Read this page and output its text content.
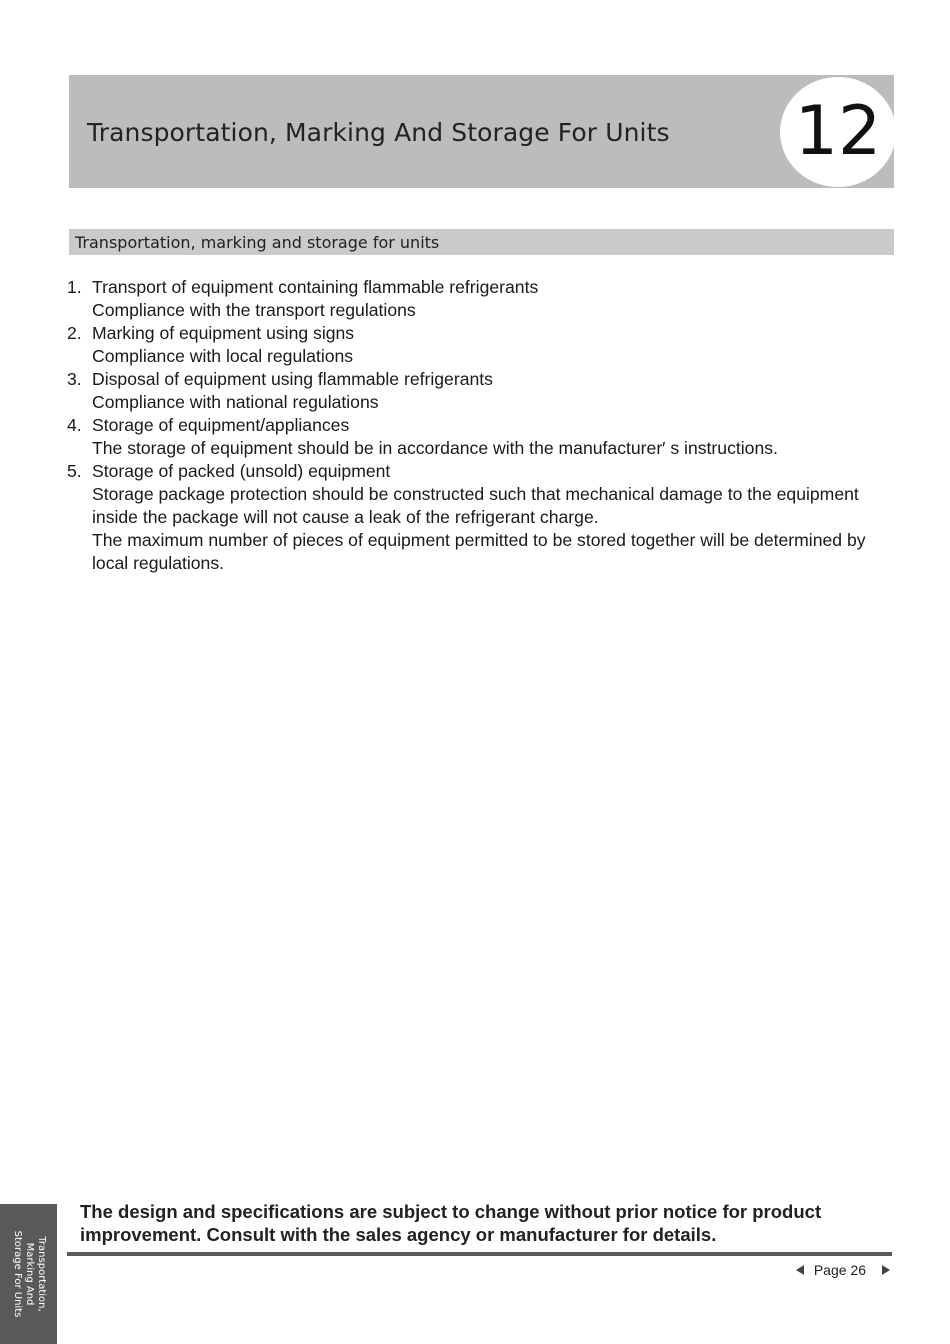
Transportation, Marking And Storage For Units 12
Transportation, marking and storage for units
1. Transport of equipment containing flammable refrigerants
Compliance with the transport regulations
2. Marking of equipment using signs
Compliance with local regulations
3. Disposal of equipment using flammable refrigerants
Compliance with national regulations
4. Storage of equipment/appliances
The storage of equipment should be in accordance with the manufacturer′ s instructions.
5. Storage of packed (unsold) equipment
Storage package protection should be constructed such that mechanical damage to the equipment inside the package will not cause a leak of the refrigerant charge.
The maximum number of pieces of equipment permitted to be stored together will be determined by local regulations.
The design and specifications are subject to change without prior notice for product improvement. Consult with the sales agency or manufacturer for details.
Page 26
Transportation,
Marking And
Storage For Units
